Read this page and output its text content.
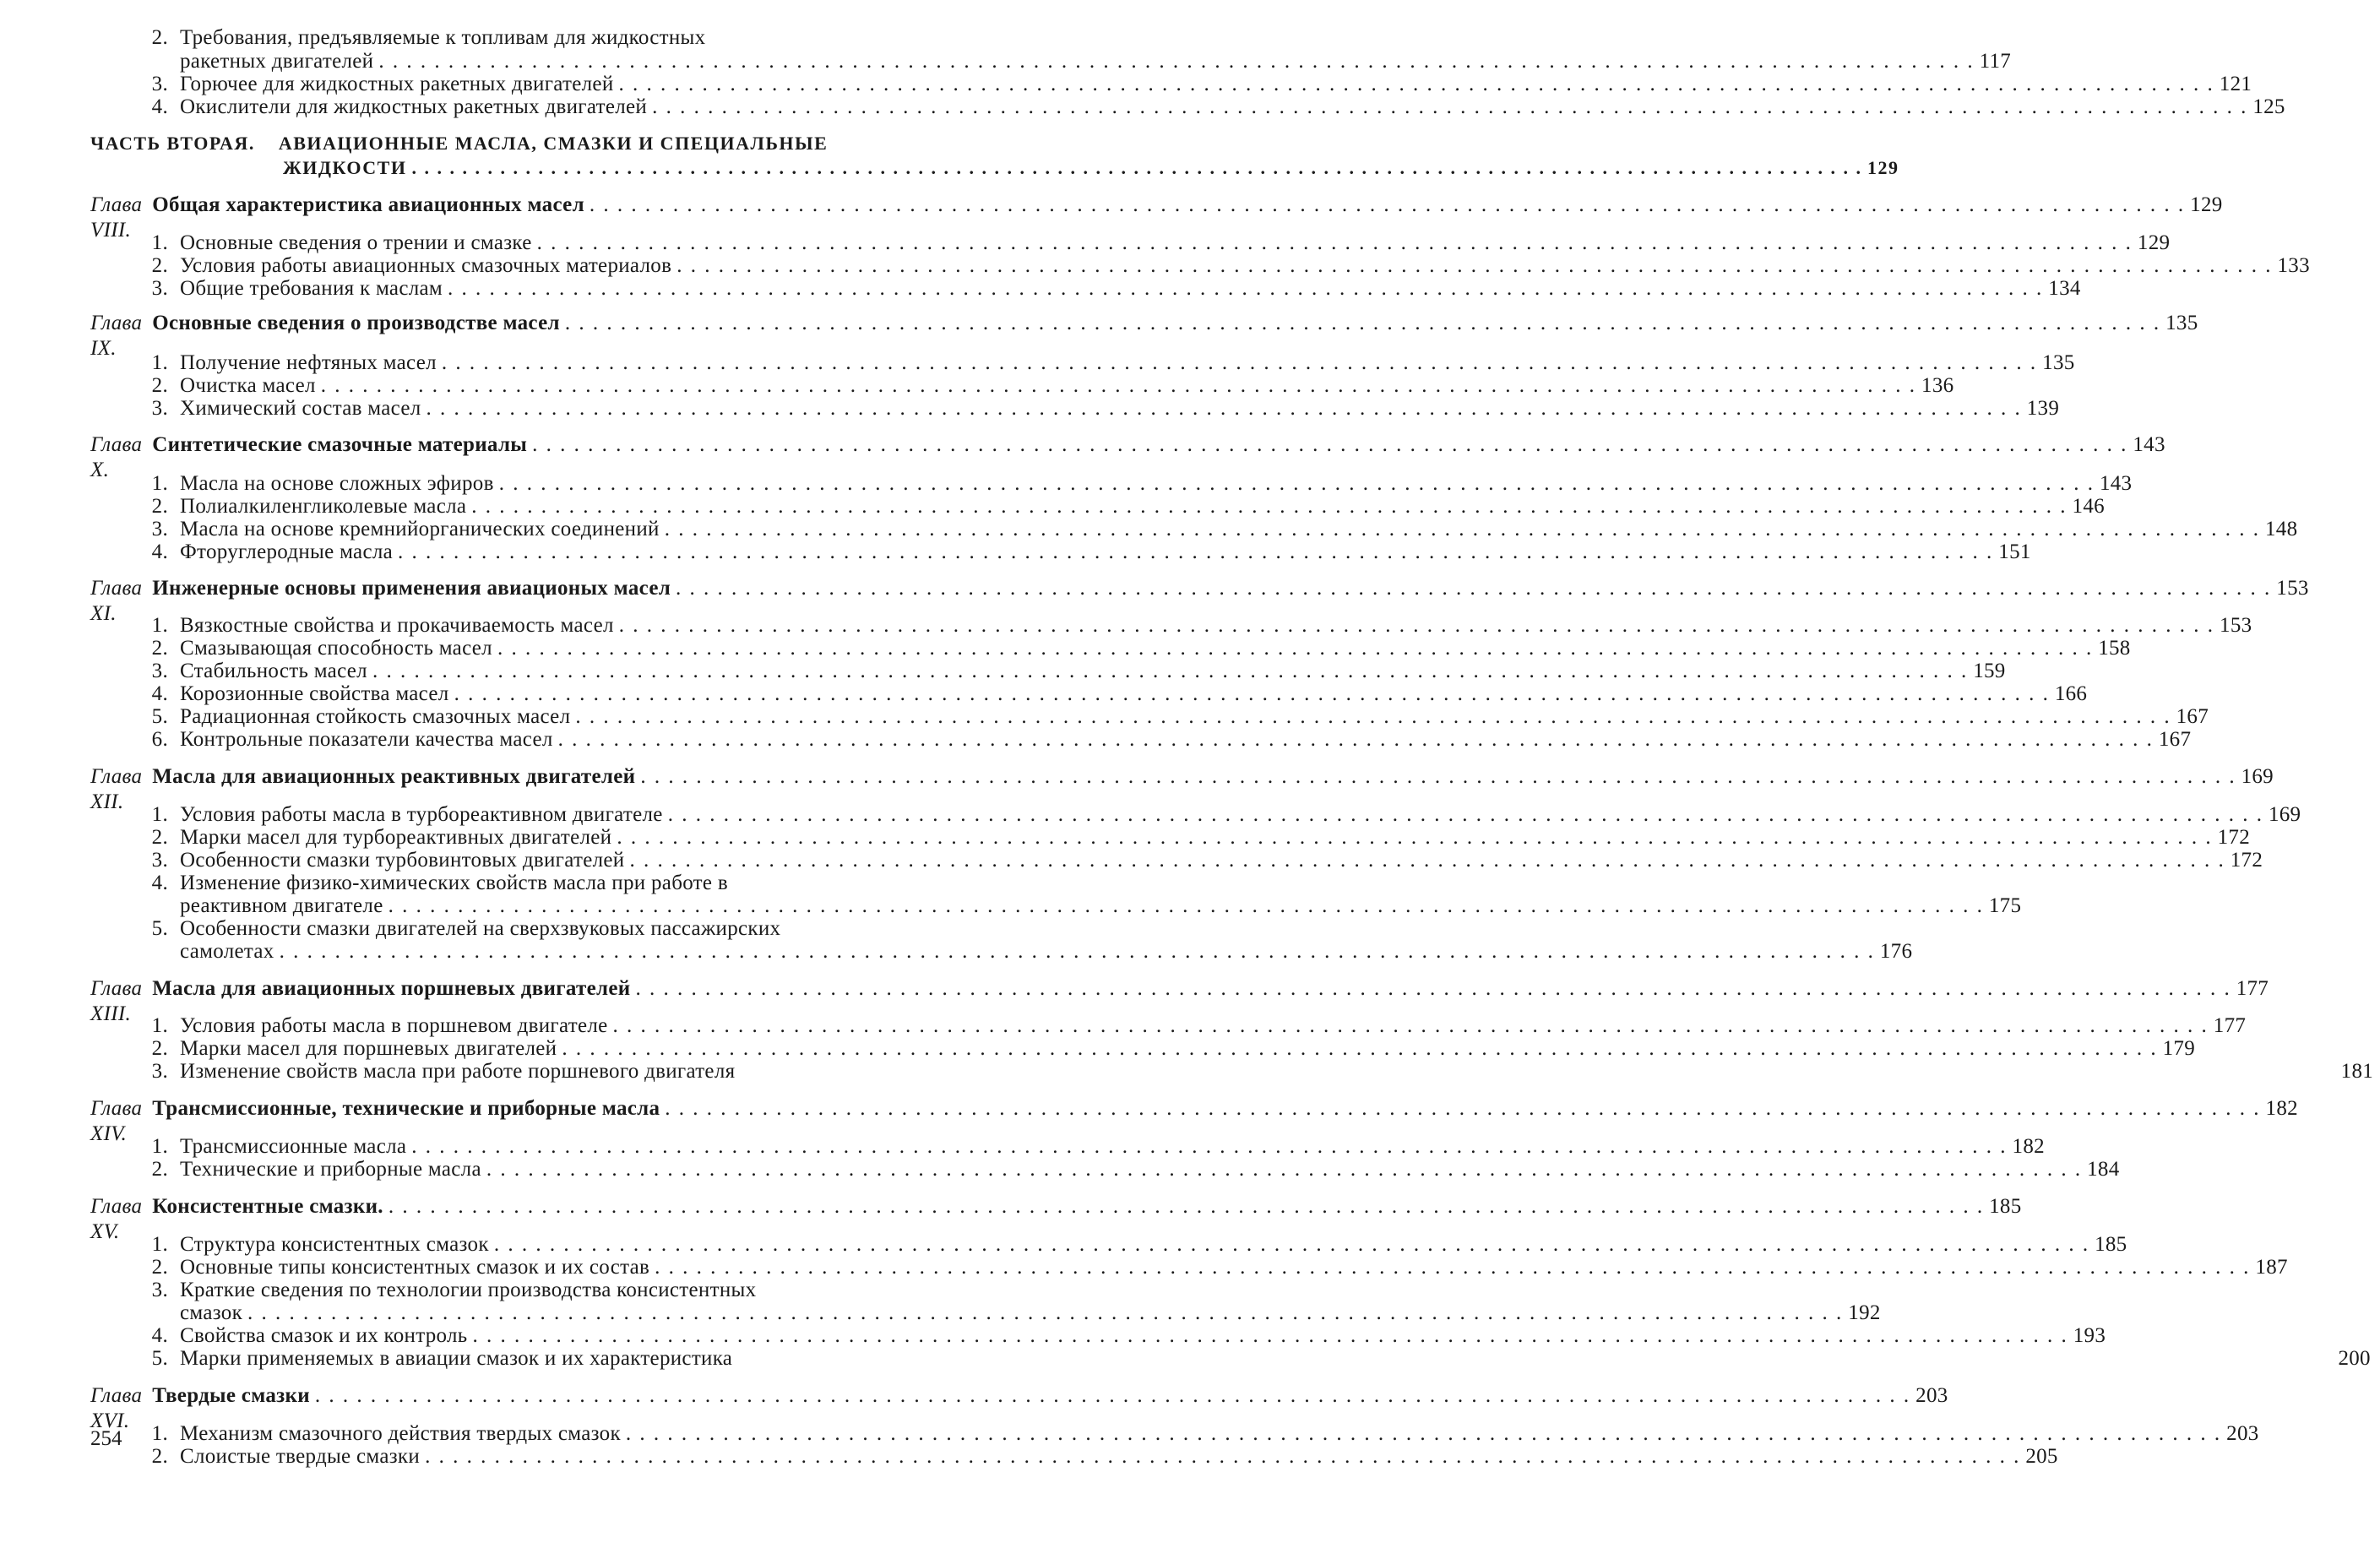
2. Требования, предъявляемые к топливам для жидкостных
ракетных двигателей . . .	117
3. Горючее для жидкостных ракетных двигателей . . .	121
4. Окислители для жидкостных ракетных двигателей . . .	125
ЧАСТЬ ВТОРАЯ. АВИАЦИОННЫЕ МАСЛА, СМАЗКИ И СПЕЦИАЛЬНЫЕ
ЖИДКОСТИ . . .	129
Глава VIII.
Общая характеристика авиационных масел . . .	129
1. Основные сведения о трении и смазке . . .	129
2. Условия работы авиационных смазочных материалов . . .	133
3. Общие требования к маслам . . .	134
Глава IX.
Основные сведения о производстве масел . . .	135
1. Получение нефтяных масел . . .	135
2. Очистка масел . . .	136
3. Химический состав масел . . .	139
Глава X.
Синтетические смазочные материалы . . .	143
1. Масла на основе сложных эфиров . . .	143
2. Полиалкиленгликолевые масла . . .	146
3. Масла на основе кремнийорганических соединений . . .	148
4. Фторуглеродные масла . . .	151
Глава XI.
Инженерные основы применения авиационых масел . . .	153
1. Вязкостные свойства и прокачиваемость масел . . .	153
2. Смазывающая способность масел . . .	158
3. Стабильность масел . . .	159
4. Корозионные свойства масел . . .	166
5. Радиационная стойкость смазочных масел . . .	167
6. Контрольные показатели качества масел . . .	167
Глава XII.
Масла для авиационных реактивных двигателей . . .	169
1. Условия работы масла в турбореактивном двигателе . . .	169
2. Марки масел для турбореактивных двигателей . . .	172
3. Особенности смазки турбовинтовых двигателей . . .	172
4. Изменение физико-химических свойств масла при работе в
реактивном двигателе . . .	175
5. Особенности смазки двигателей на сверхзвуковых пассажирских
самолетах . . .	176
Глава XIII.
Масла для авиационных поршневых двигателей . . .	177
1. Условия работы масла в поршневом двигателе . . .	177
2. Марки масел для поршневых двигателей . . .	179
3. Изменение свойств масла при работе поршневого двигателя	181
Глава XIV.
Трансмиссионные, технические и приборные масла . . .	182
1. Трансмиссионные масла . . .	182
2. Технические и приборные масла . . .	184
Глава XV.
Консистентные смазки. . . .	185
1. Структура консистентных смазок . . .	185
2. Основные типы консистентных смазок и их состав . . .	187
3. Краткие сведения по технологии производства консистентных
смазок . . .	192
4. Свойства смазок и их контроль . . .	193
5. Марки применяемых в авиации смазок и их характеристика	200
Глава XVI.
Твердые смазки . . .	203
1. Механизм смазочного действия твердых смазок . . .	203
2. Слоистые твердые смазки . . .	205
254
